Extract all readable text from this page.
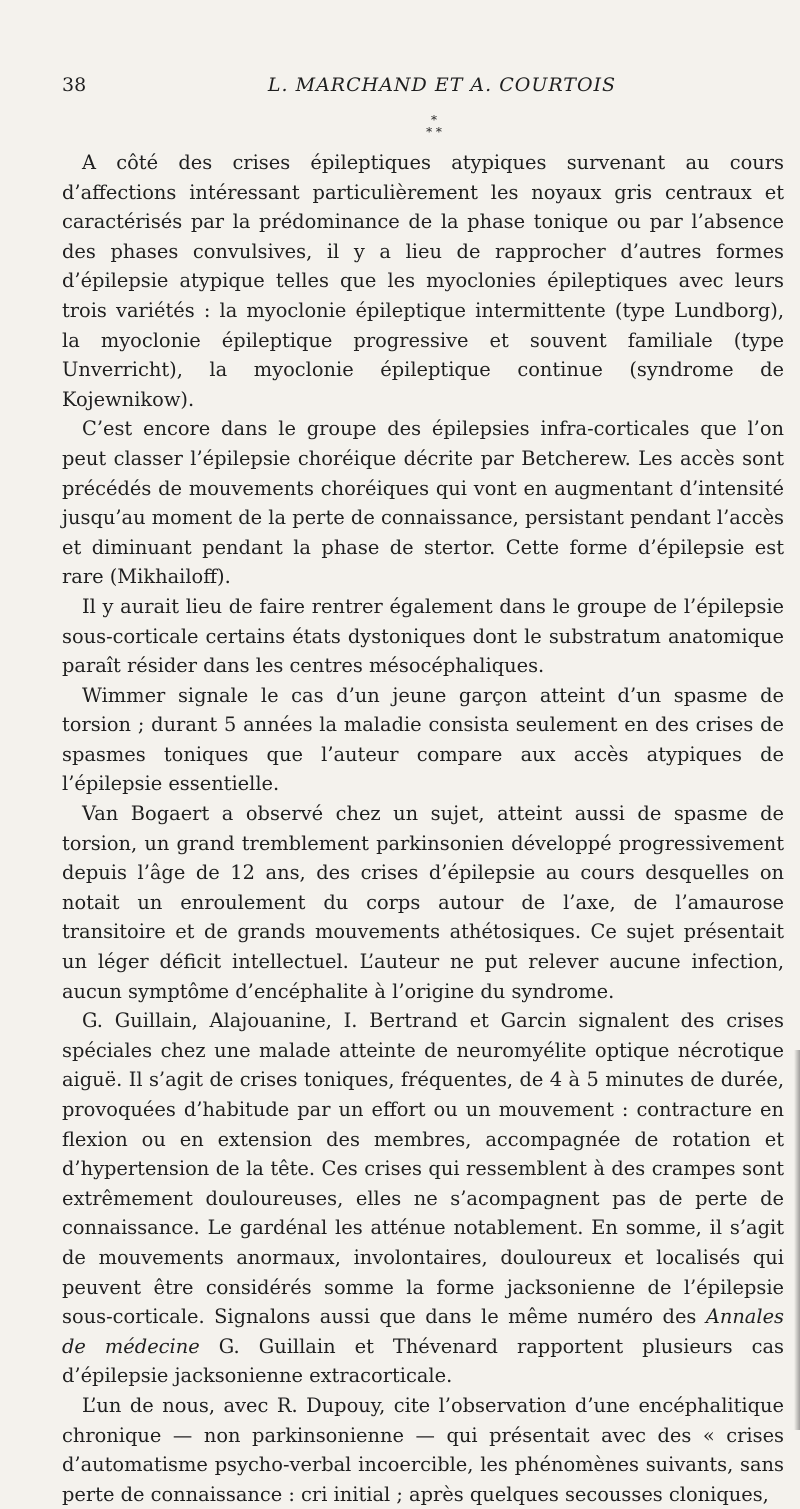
38	L. MARCHAND ET A. COURTOIS
*
* *

A côté des crises épileptiques atypiques survenant au cours d’affections intéressant particulièrement les noyaux gris centraux et caractérisés par la prédominance de la phase tonique ou par l’absence des phases convulsives, il y a lieu de rapprocher d’autres formes d’épilepsie atypique telles que les myoclonies épileptiques avec leurs trois variétés : la myoclonie épileptique intermittente (type Lundborg), la myoclonie épileptique progressive et souvent familiale (type Unverricht), la myoclonie épileptique continue (syndrome de Kojewnikow).

C’est encore dans le groupe des épilepsies infra-corticales que l’on peut classer l’épilepsie choréique décrite par Betcherew. Les accès sont précédés de mouvements choréiques qui vont en augmentant d’intensité jusqu’au moment de la perte de connaissance, persistant pendant l’accès et diminuant pendant la phase de stertor. Cette forme d’épilepsie est rare (Mikhailoff).

Il y aurait lieu de faire rentrer également dans le groupe de l’épilepsie sous-corticale certains états dystoniques dont le substratum anatomique paraît résider dans les centres mésocéphaliques.

Wimmer signale le cas d’un jeune garçon atteint d’un spasme de torsion ; durant 5 années la maladie consista seulement en des crises de spasmes toniques que l’auteur compare aux accès atypiques de l’épilepsie essentielle.

Van Bogaert a observé chez un sujet, atteint aussi de spasme de torsion, un grand tremblement parkinsonien développé progressivement depuis l’âge de 12 ans, des crises d’épilepsie au cours desquelles on notait un enroulement du corps autour de l’axe, de l’amaurose transitoire et de grands mouvements athétosiques. Ce sujet présentait un léger déficit intellectuel. L’auteur ne put relever aucune infection, aucun symptôme d’encéphalite à l’origine du syndrome.

G. Guillain, Alajouanine, I. Bertrand et Garcin signalent des crises spéciales chez une malade atteinte de neuromyélite optique nécrotique aiguë. Il s’agit de crises toniques, fréquentes, de 4 à 5 minutes de durée, provoquées d’habitude par un effort ou un mouvement : contracture en flexion ou en extension des membres, accompagnée de rotation et d’hypertension de la tête. Ces crises qui ressemblent à des crampes sont extrêmement douloureuses, elles ne s’acompagnent pas de perte de connaissance. Le gardénal les atténue notablement. En somme, il s’agit de mouvements anormaux, involontaires, douloureux et localisés qui peuvent être considérés somme la forme jacksonienne de l’épilepsie sous-corticale. Signalons aussi que dans le même numéro des Annales de médecine G. Guillain et Thévenard rapportent plusieurs cas d’épilepsie jacksonienne extracorticale.

L’un de nous, avec R. Dupouy, cite l’observation d’une encéphalitique chronique — non parkinsonienne — qui présentait avec des « crises d’automatisme psycho-verbal incoercible, les phénomènes suivants, sans perte de connaissance : cri initial ; après quelques secousses cloniques,
